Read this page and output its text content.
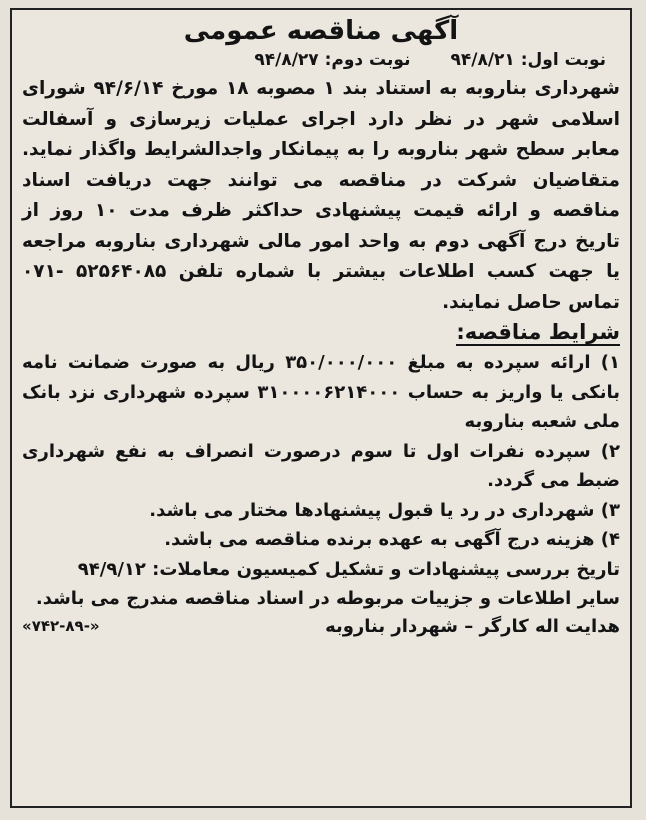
آگهی مناقصه عمومی
نوبت اول: ۹۴/۸/۲۱
نوبت دوم: ۹۴/۸/۲۷

شهرداری بناروبه به استناد بند ۱ مصوبه ۱۸ مورخ ۹۴/۶/۱۴ شورای اسلامی شهر در نظر دارد اجرای عملیات زیرسازی و آسفالت معابر سطح شهر بناروبه را به پیمانکار واجدالشرایط واگذار نماید. متقاضیان شرکت در مناقصه می توانند جهت دریافت اسناد مناقصه و ارائه قیمت پیشنهادی حداکثر ظرف مدت ۱۰ روز از تاریخ درج آگهی دوم به واحد امور مالی شهرداری بناروبه مراجعه یا جهت کسب اطلاعات بیشتر با شماره تلفن ۵۲۵۶۴۰۸۵ -۰۷۱ تماس حاصل نمایند.

شرایط مناقصه:
۱) ارائه سپرده به مبلغ ۳۵۰/۰۰۰/۰۰۰ ریال به صورت ضمانت نامه بانکی یا واریز به حساب ۳۱۰۰۰۰۶۲۱۴۰۰۰ سپرده شهرداری نزد بانک ملی شعبه بناروبه
۲) سپرده نفرات اول تا سوم درصورت انصراف به نفع شهرداری ضبط می گردد.
۳) شهرداری در رد یا قبول پیشنهادها مختار می باشد.
۴) هزینه درج آگهی به عهده برنده مناقصه می باشد.
تاریخ بررسی پیشنهادات و تشکیل کمیسیون معاملات: ۹۴/۹/۱۲
سایر اطلاعات و جزییات مربوطه در اسناد مناقصه مندرج می باشد.
هدایت اله کارگر – شهردار بناروبه
«۷۴۲-۸۹-»
